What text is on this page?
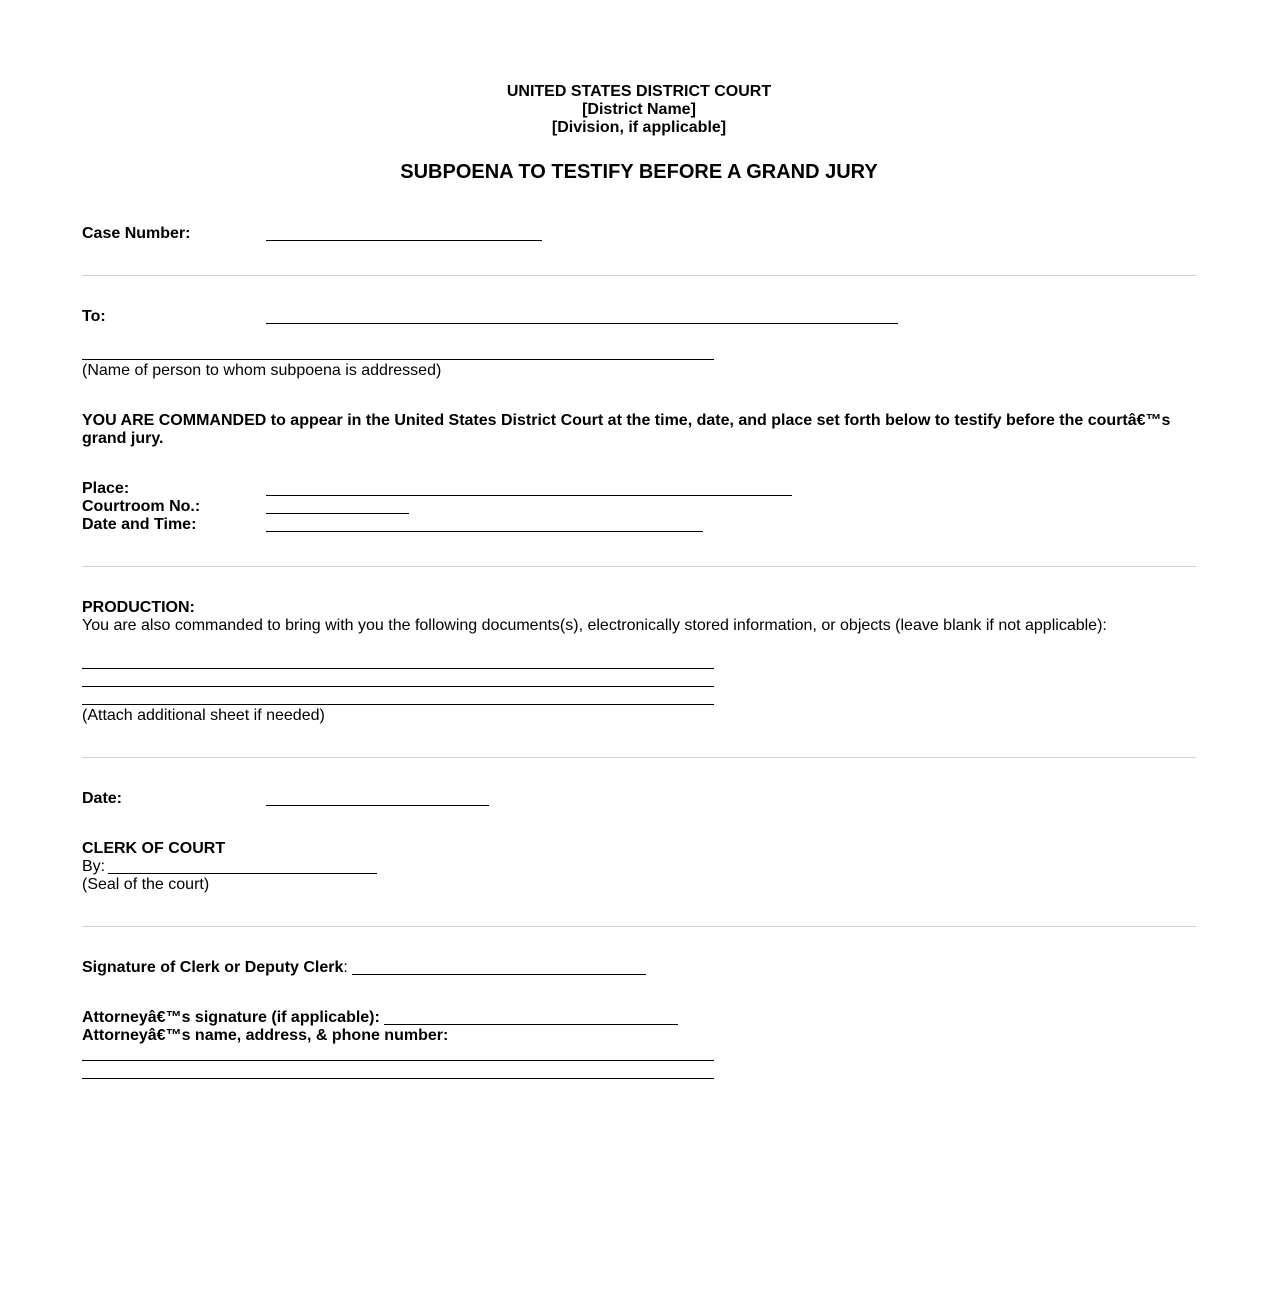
UNITED STATES DISTRICT COURT
[District Name]
[Division, if applicable]
SUBPOENA TO TESTIFY BEFORE A GRAND JURY
Case Number:
To:
(Name of person to whom subpoena is addressed)
YOU ARE COMMANDED to appear in the United States District Court at the time, date, and place set forth below to testify before the courtâ€™s
grand jury.
Place:
Courtroom No.:
Date and Time:
PRODUCTION:
You are also commanded to bring with you the following documents(s), electronically stored information, or objects (leave blank if not applicable):
(Attach additional sheet if needed)
Date:
CLERK OF COURT
By:
(Seal of the court)
Signature of Clerk or Deputy Clerk:
Attorneyâ€™s signature (if applicable):
Attorneyâ€™s name, address, & phone number:
